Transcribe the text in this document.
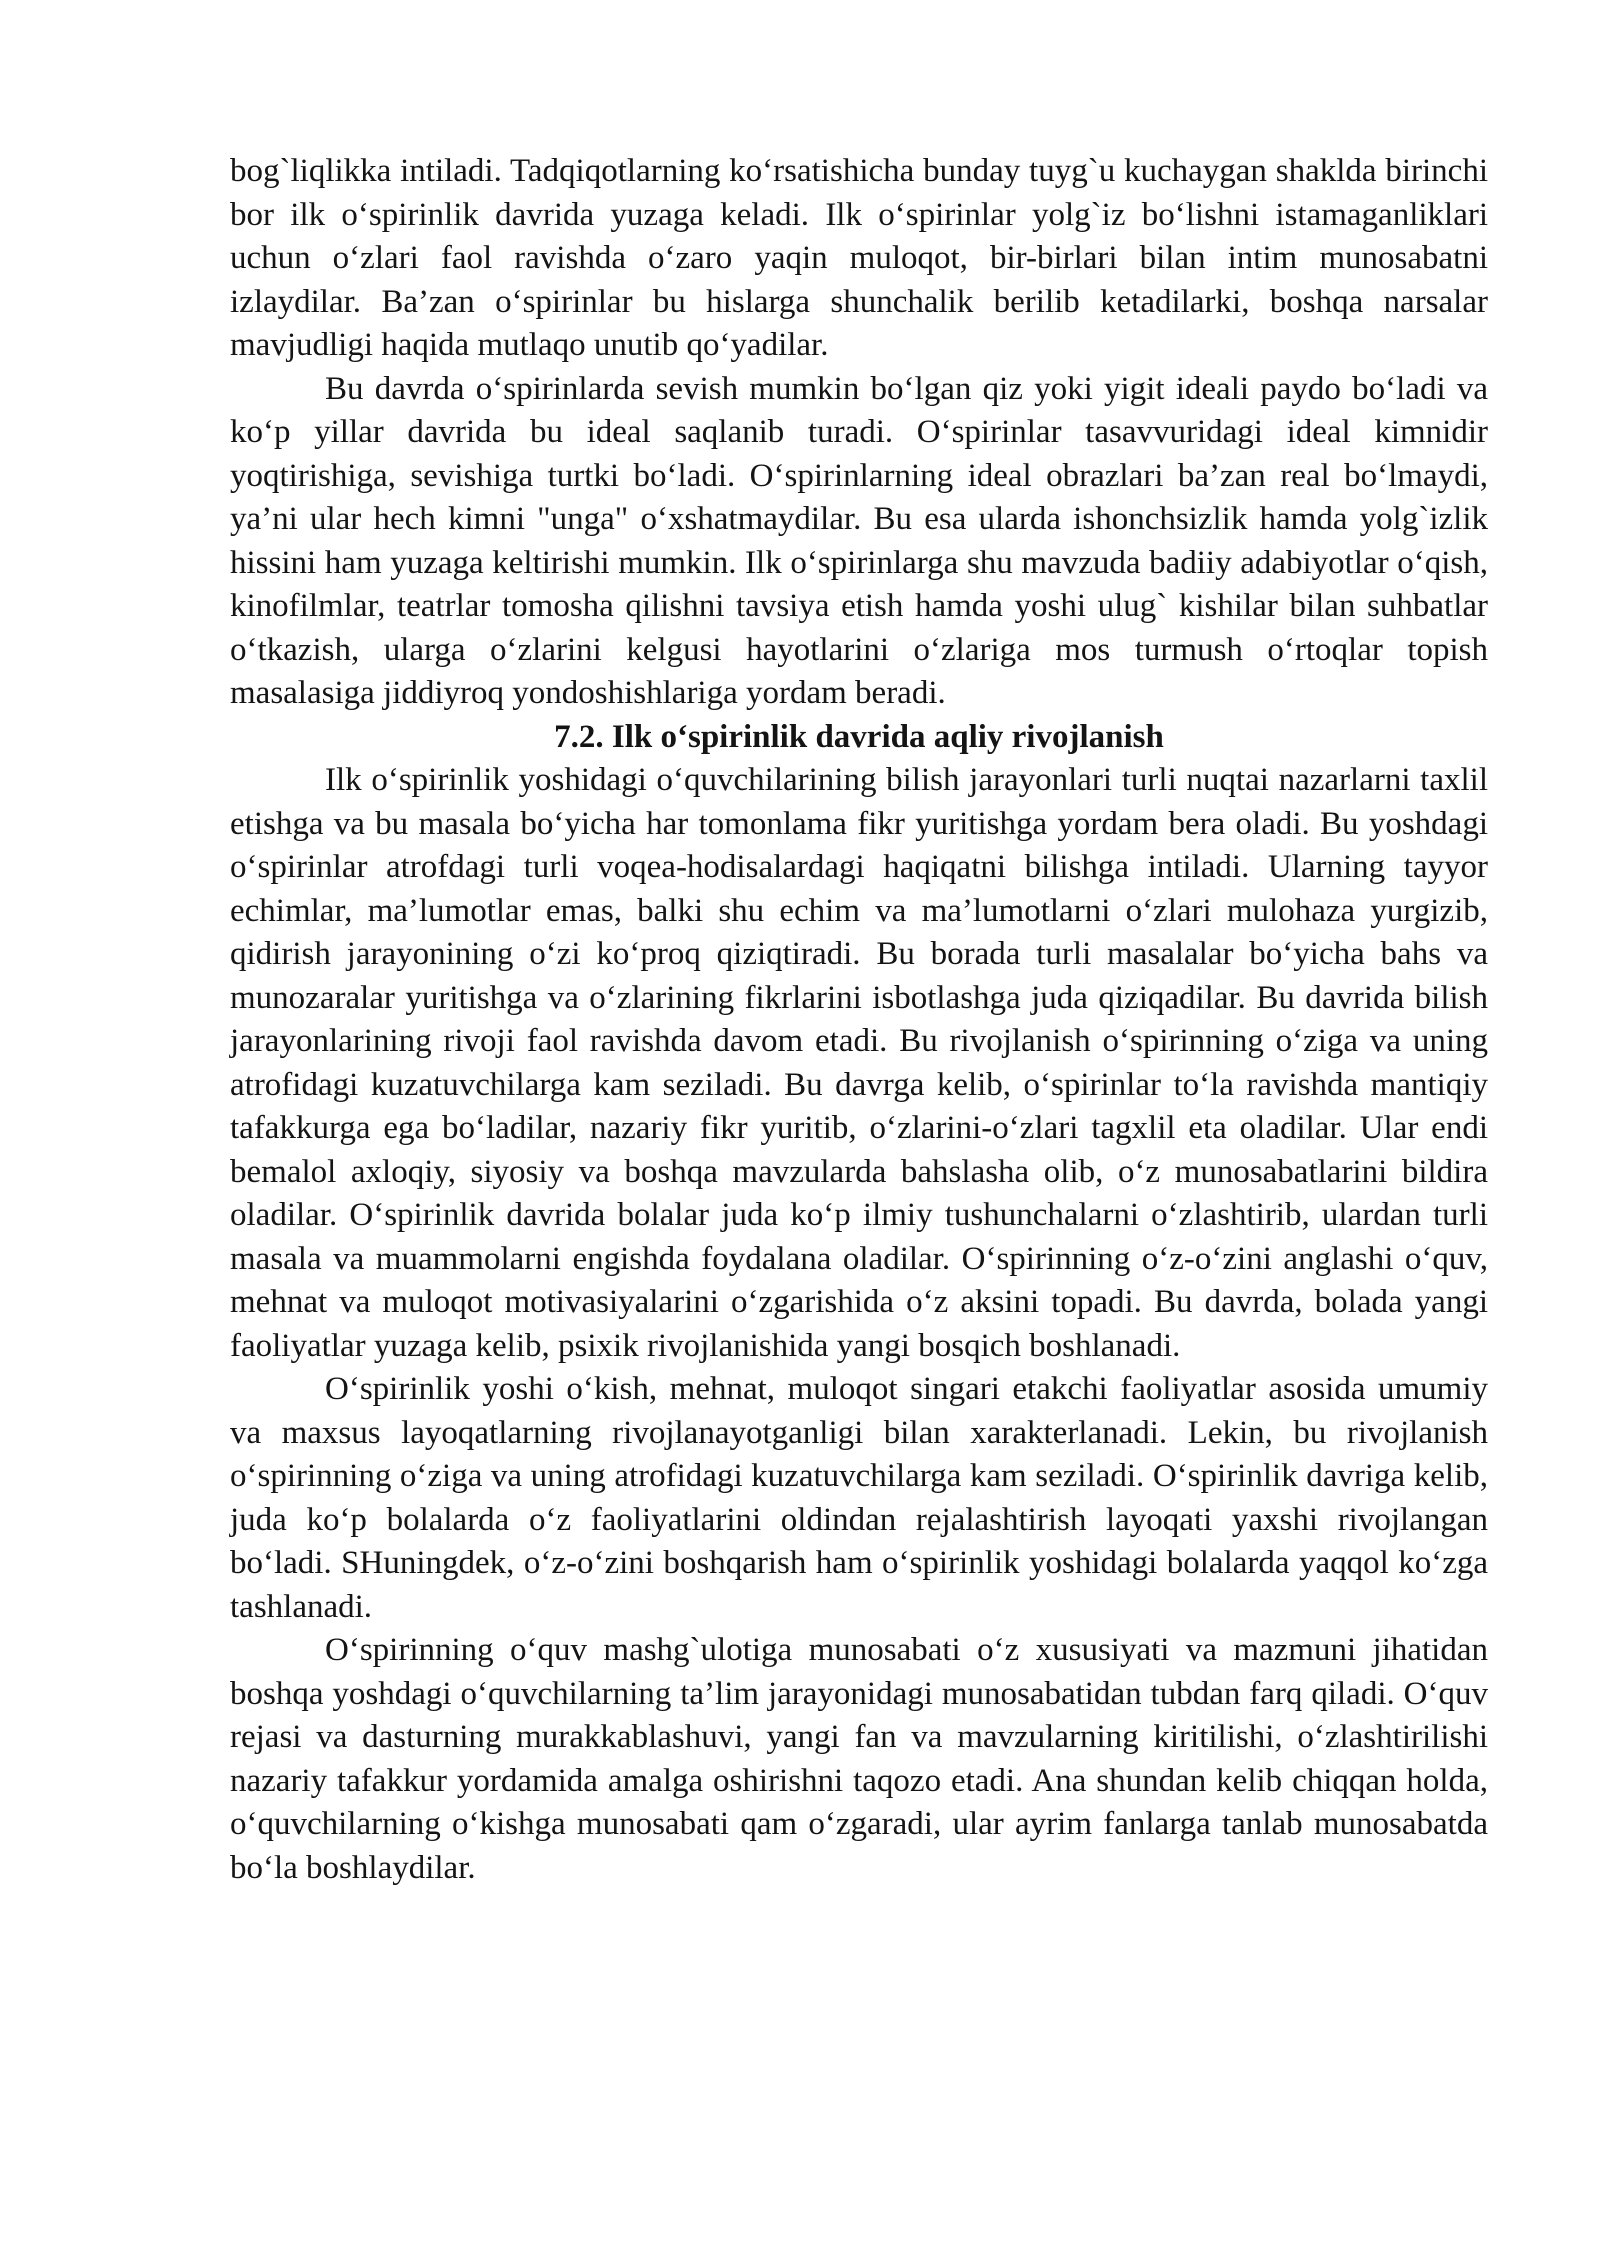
bog`liqlikka intiladi. Tadqiqotlarning ko‘rsatishicha bunday tuyg`u kuchaygan shaklda birinchi bor ilk o‘spirinlik davrida yuzaga keladi. Ilk o‘spirinlar yolg`iz bo‘lishni istamaganliklari uchun o‘zlari faol ravishda o‘zaro yaqin muloqot, bir-birlari bilan intim munosabatni izlaydilar. Ba’zan o‘spirinlar bu hislarga shunchalik berilib ketadilarki, boshqa narsalar mavjudligi haqida mutlaqo unutib qo‘yadilar.

Bu davrda o‘spirinlarda sevish mumkin bo‘lgan qiz yoki yigit ideali paydo bo‘ladi va ko‘p yillar davrida bu ideal saqlanib turadi. O‘spirinlar tasavvuridagi ideal kimnidir yoqtirishiga, sevishiga turtki bo‘ladi. O‘spirinlarning ideal obrazlari ba’zan real bo‘lmaydi, ya’ni ular hech kimni "unga" o‘xshatmaydilar. Bu esa ularda ishonchsizlik hamda yolg`izlik hissini ham yuzaga keltirishi mumkin. Ilk o‘spirinlarga shu mavzuda badiiy adabiyotlar o‘qish, kinofilmlar, teatrlar tomosha qilishni tavsiya etish hamda yoshi ulug` kishilar bilan suhbatlar o‘tkazish, ularga o‘zlarini kelgusi hayotlarini o‘zlariga mos turmush o‘rtoqlar topish masalasiga jiddiyroq yondoshishlariga yordam beradi.

7.2. Ilk o‘spirinlik davrida aqliy rivojlanish

Ilk o‘spirinlik yoshidagi o‘quvchilarining bilish jarayonlari turli nuqtai nazarlarni taxlil etishga va bu masala bo‘yicha har tomonlama fikr yuritishga yordam bera oladi. Bu yoshdagi o‘spirinlar atrofdagi turli voqea-hodisalardagi haqiqatni bilishga intiladi. Ularning tayyor echimlar, ma’lumotlar emas, balki shu echim va ma’lumotlarni o‘zlari mulohaza yurgizib, qidirish jarayonining o‘zi ko‘proq qiziqtiradi. Bu borada turli masalalar bo‘yicha bahs va munozaralar yuritishga va o‘zlarining fikrlarini isbotlashga juda qiziqadilar. Bu davrida bilish jarayonlarining rivoji faol ravishda davom etadi. Bu rivojlanish o‘spirinning o‘ziga va uning atrofidagi kuzatuvchilarga kam seziladi. Bu davrga kelib, o‘spirinlar to‘la ravishda mantiqiy tafakkurga ega bo‘ladilar, nazariy fikr yuritib, o‘zlarini-o‘zlari tagxlil eta oladilar. Ular endi bemalol axloqiy, siyosiy va boshqa mavzularda bahslasha olib, o‘z munosabatlarini bildira oladilar. O‘spirinlik davrida bolalar juda ko‘p ilmiy tushunchalarni o‘zlashtirib, ulardan turli masala va muammolarni engishda foydalana oladilar. O‘spirinning o‘z-o‘zini anglashi o‘quv, mehnat va muloqot motivasiyalarini o‘zgarishida o‘z aksini topadi. Bu davrda, bolada yangi faoliyatlar yuzaga kelib, psixik rivojlanishida yangi bosqich boshlanadi.

O‘spirinlik yoshi o‘kish, mehnat, muloqot singari etakchi faoliyatlar asosida umumiy va maxsus layoqatlarning rivojlanayotganligi bilan xarakterlanadi. Lekin, bu rivojlanish o‘spirinning o‘ziga va uning atrofidagi kuzatuvchilarga kam seziladi. O‘spirinlik davriga kelib, juda ko‘p bolalarda o‘z faoliyatlarini oldindan rejalashtirish layoqati yaxshi rivojlangan bo‘ladi. SHuningdek, o‘z-o‘zini boshqarish ham o‘spirinlik yoshidagi bolalarda yaqqol ko‘zga tashlanadi.

O‘spirinning o‘quv mashg`ulotiga munosabati o‘z xususiyati va mazmuni jihatidan boshqa yoshdagi o‘quvchilarning ta’lim jarayonidagi munosabatidan tubdan farq qiladi. O‘quv rejasi va dasturning murakkablashuvi, yangi fan va mavzularning kiritilishi, o‘zlashtirilishi nazariy tafakkur yordamida amalga oshirishni taqozo etadi. Ana shundan kelib chiqqan holda, o‘quvchilarning o‘kishga munosabati qam o‘zgaradi, ular ayrim fanlarga tanlab munosabatda bo‘la boshlaydilar.
